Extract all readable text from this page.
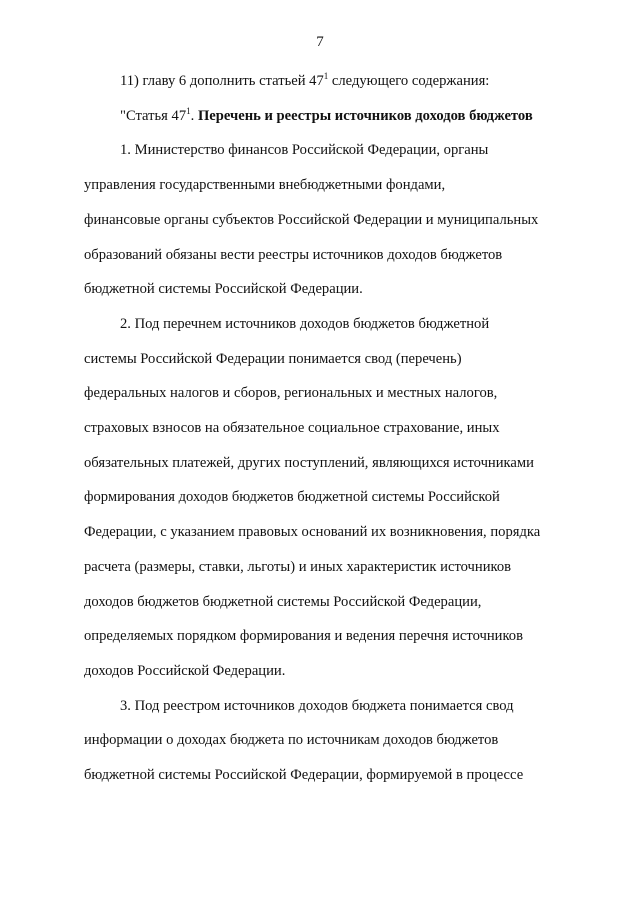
7

11) главу 6 дополнить статьей $47^1$ следующего содержания:

"Статья $47^1$. Перечень и реестры источников доходов бюджетов

1. Министерство финансов Российской Федерации, органы

управления государственными внебюджетными фондами,

финансовые органы субъектов Российской Федерации и муниципальных

образований обязаны вести реестры источников доходов бюджетов

бюджетной системы Российской Федерации.

2. Под перечнем источников доходов бюджетов бюджетной

системы Российской Федерации понимается свод (перечень)

федеральных налогов и сборов, региональных и местных налогов,

страховых взносов на обязательное социальное страхование, иных

обязательных платежей, других поступлений, являющихся источниками

формирования доходов бюджетов бюджетной системы Российской

Федерации, с указанием правовых оснований их возникновения, порядка

расчета (размеры, ставки, льготы) и иных характеристик источников

доходов бюджетов бюджетной системы Российской Федерации,

определяемых порядком формирования и ведения перечня источников

доходов Российской Федерации.

3. Под реестром источников доходов бюджета понимается свод

информации о доходах бюджета по источникам доходов бюджетов

бюджетной системы Российской Федерации, формируемой в процессе
